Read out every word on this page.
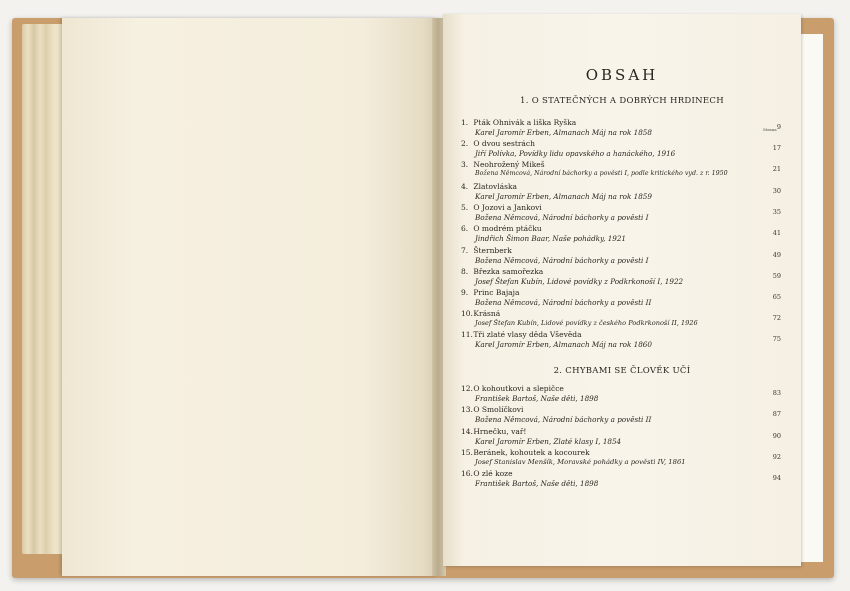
OBSAH
1. O STATEČNÝCH A DOBRÝCH HRDINECH
Strana
1. Pták Ohnivák a liška Ryška
Karel Jaromír Erben, Almanach Máj na rok 1858
9
2. O dvou sestrách
Jiří Polívka, Povídky lidu opavského a hanáckého, 1916
17
3. Neohrožený Mikeš
Božena Němcová, Národní báchorky a pověsti I, podle kritického vyd. z r. 1950
21
4. Zlatovláska
Karel Jaromír Erben, Almanach Máj na rok 1859
30
5. O Jozovi a Jankovi
Božena Němcová, Národní báchorky a pověsti I
35
6. O modrém ptáčku
Jindřich Šimon Baar, Naše pohádky, 1921
41
7. Šternberk
Božena Němcová, Národní báchorky a pověsti I
49
8. Březka samořezka
Josef Štefan Kubín, Lidové povídky z Podkrkonoší I, 1922
59
9. Princ Bajaja
Božena Němcová, Národní báchorky a pověsti II
65
10. Krásná
Josef Štefan Kubín, Lidové povídky z českého Podkrkonoší II, 1926
72
11. Tři zlaté vlasy děda Vševěda
Karel Jaromír Erben, Almanach Máj na rok 1860
75
2. CHYBAMI SE ČLOVĚK UČÍ
12. O kohoutkovi a slepičce
František Bartoš, Naše děti, 1898
83
13. O Smolíčkovi
Božena Němcová, Národní báchorky a pověsti II
87
14. Hrnečku, vař!
Karel Jaromír Erben, Zlaté klasy I, 1854
90
15. Beránek, kohoutek a kocourek
Josef Stanislav Menšík, Moravské pohádky a pověsti IV, 1861
92
16. O zlé koze
František Bartoš, Naše děti, 1898
94
